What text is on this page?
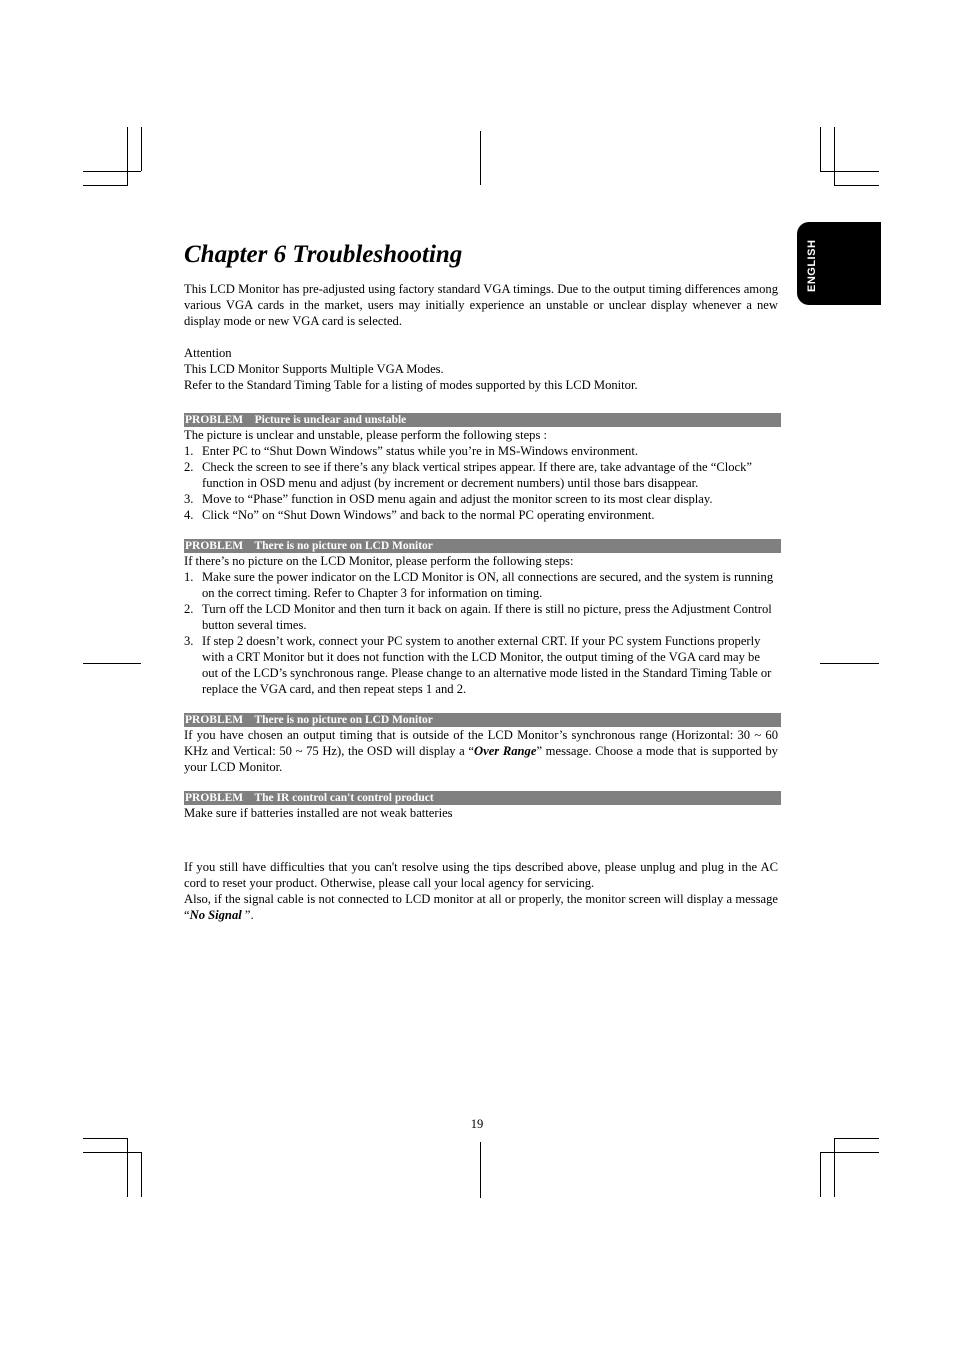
ENGLISH
Chapter 6 Troubleshooting

This LCD Monitor has pre-adjusted using factory standard VGA timings. Due to the output timing differences among various VGA cards in the market, users may initially experience an unstable or unclear display whenever a new display mode or new VGA card is selected.

Attention

This LCD Monitor Supports Multiple VGA Modes.

Refer to the Standard Timing Table for a listing of modes supported by this LCD Monitor.

PROBLEM    Picture is unclear and unstable

The picture is unclear and unstable, please perform the following steps :

1. Enter PC to “Shut Down Windows” status while you’re in MS-Windows environment.
2. Check the screen to see if there’s any black vertical stripes appear. If there are, take advantage of the “Clock” function in OSD menu and adjust (by increment or decrement numbers) until those bars disappear.
3. Move to “Phase” function in OSD menu again and adjust the monitor screen to its most clear display.
4. Click “No” on “Shut Down Windows” and back to the normal PC operating environment.
PROBLEM    There is no picture on LCD Monitor

If there’s no picture on the LCD Monitor, please perform the following steps:

1. Make sure the power indicator on the LCD Monitor is ON, all connections are secured, and the system is running on the correct timing. Refer to Chapter 3 for information on timing.
2. Turn off the LCD Monitor and then turn it back on again. If there is still no picture, press the Adjustment Control button several times.
3. If step 2 doesn’t work, connect your PC system to another external CRT. If your PC system Functions properly with a CRT Monitor but it does not function with the LCD Monitor, the output timing of the VGA card may be out of the LCD’s synchronous range. Please change to an alternative mode listed in the Standard Timing Table or replace the VGA card, and then repeat steps 1 and 2.
PROBLEM    There is no picture on LCD Monitor

If you have chosen an output timing that is outside of the LCD Monitor’s synchronous range (Horizontal: 30 ~ 60 KHz and Vertical: 50 ~ 75 Hz), the OSD will display a “Over Range” message. Choose a mode that is supported by your LCD Monitor.

PROBLEM    The IR control can't control product

Make sure if batteries installed are not weak batteries

If you still have difficulties that you can't resolve using the tips described above, please unplug and plug in the AC cord to reset your product. Otherwise, please call your local agency for servicing.

Also, if the signal cable is not connected to LCD monitor at all or properly, the monitor screen will display a message “No Signal ”.

19
